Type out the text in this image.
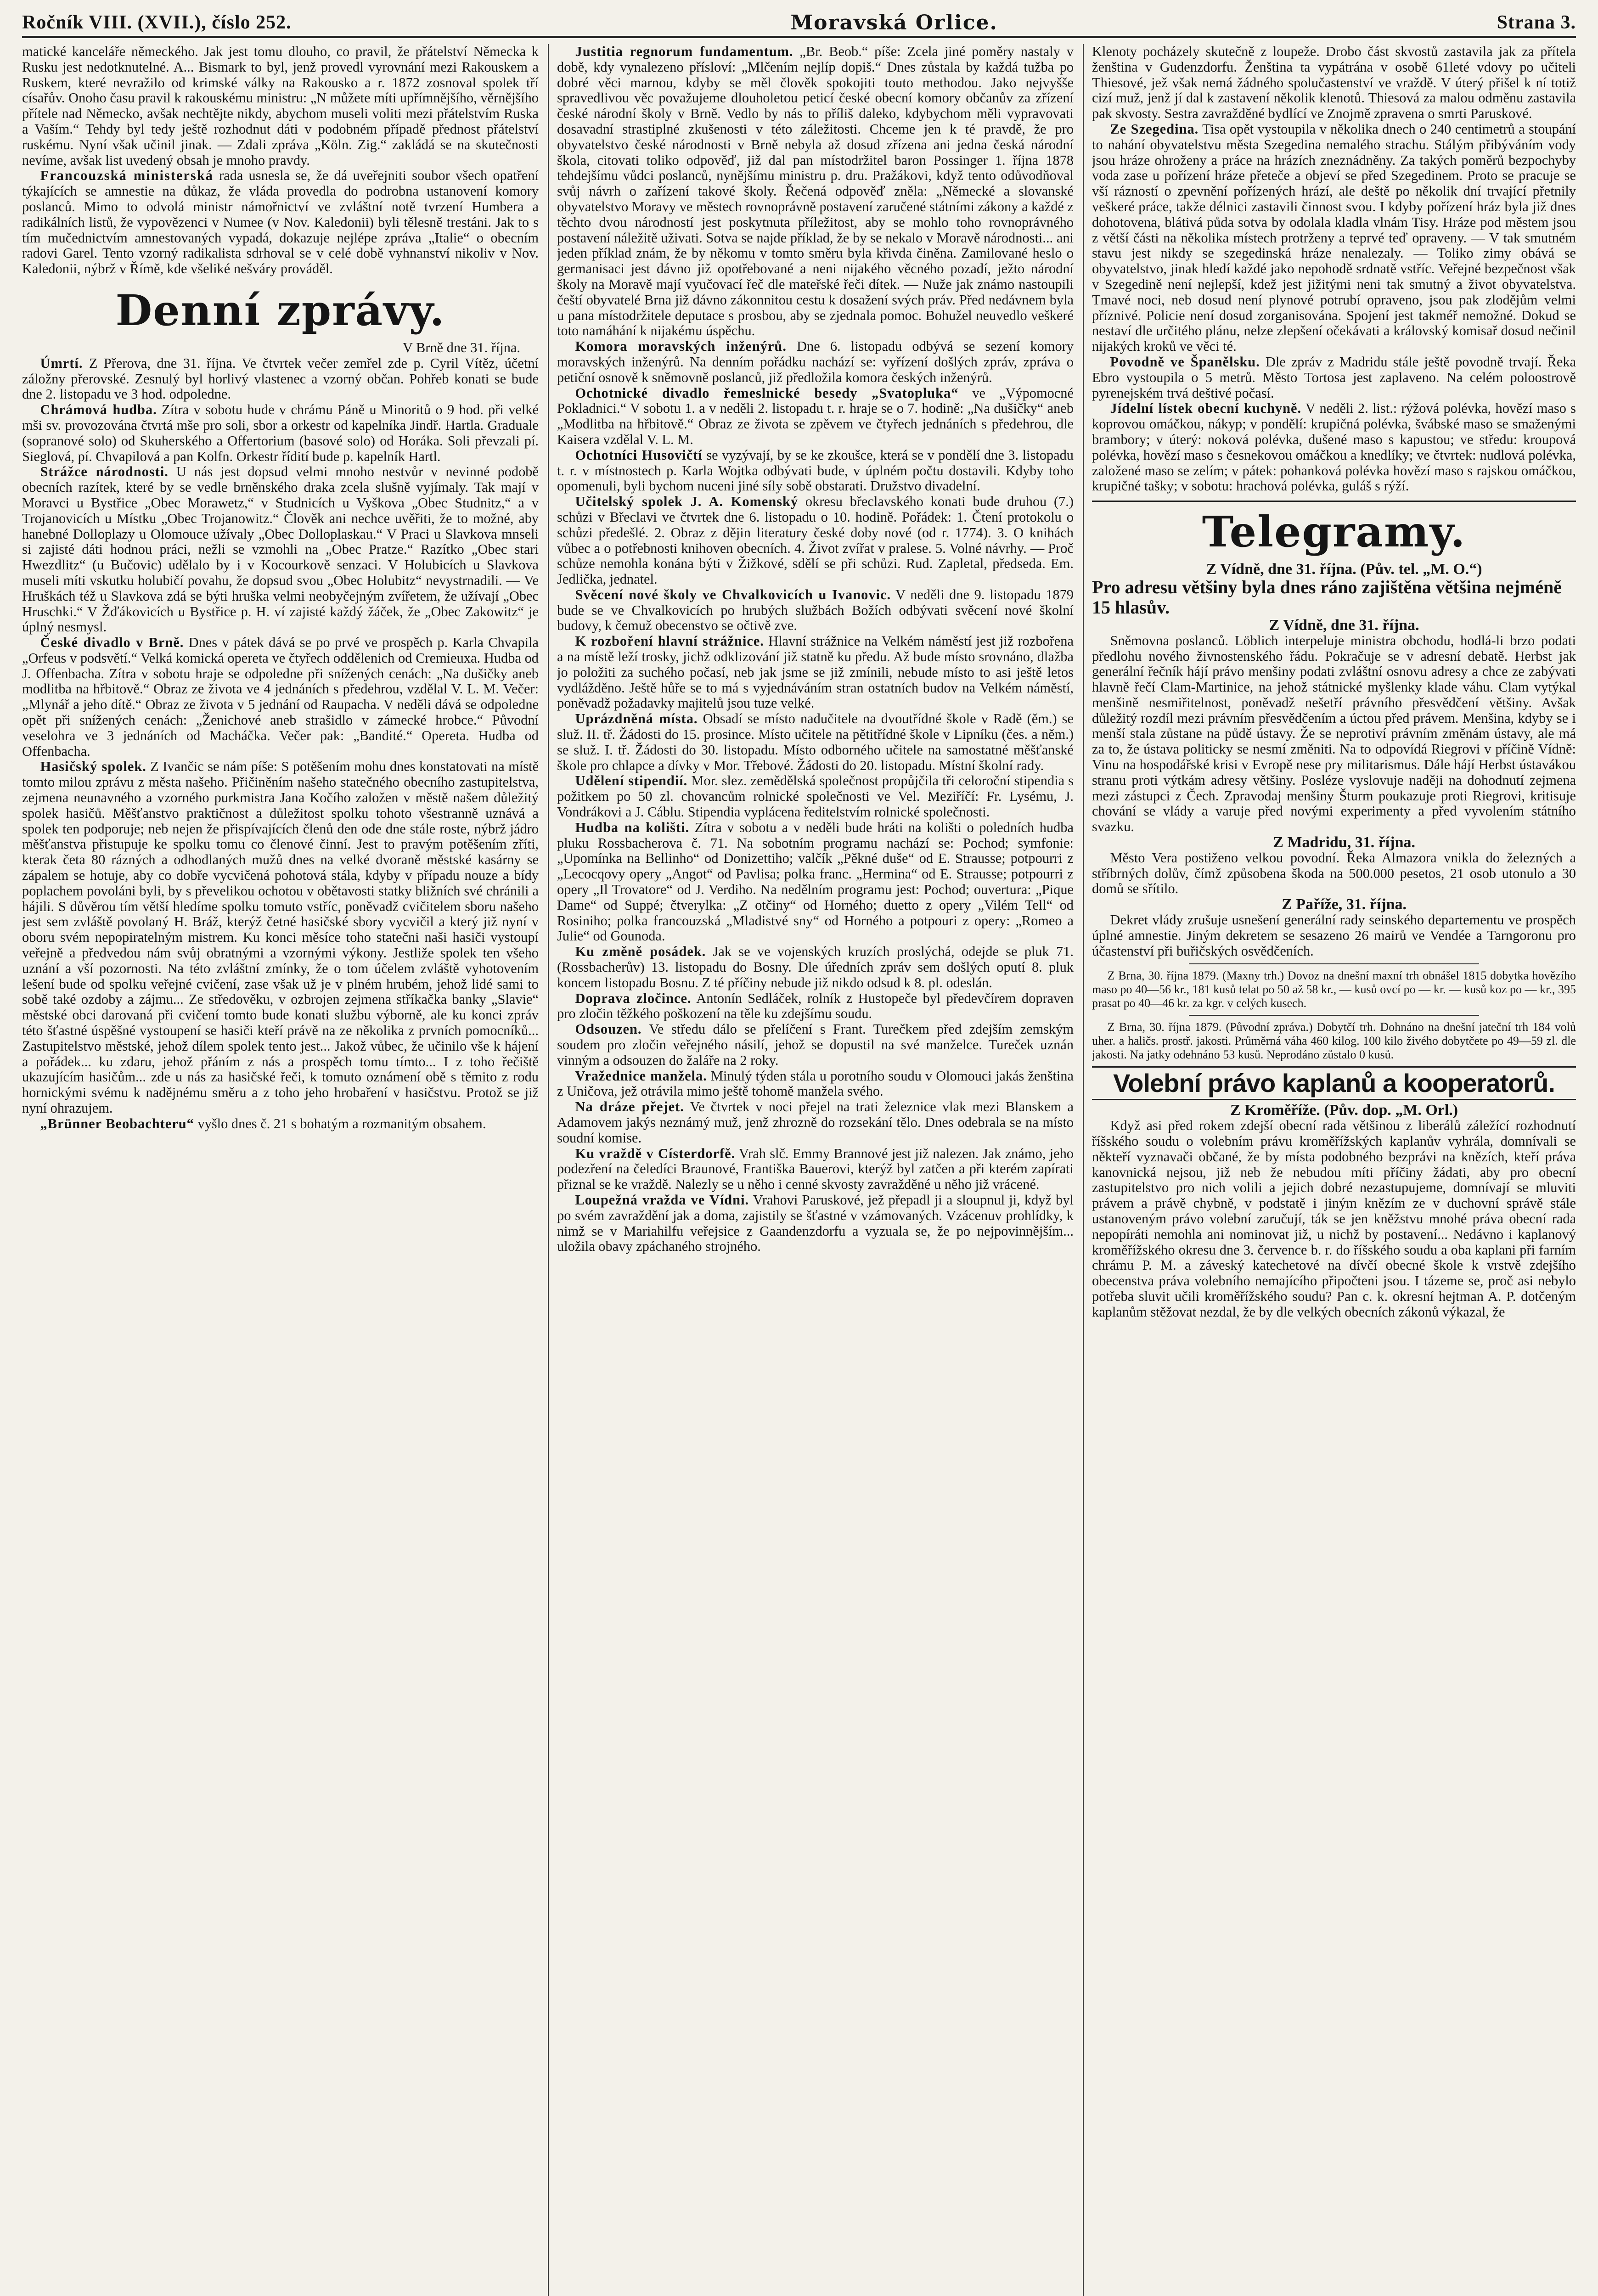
Ročník VIII. (XVII.), číslo 252.	Moravská Orlice.	Strana 3.

matické kanceláře německého. Jak jest tomu dlouho, co pravil, že přátelství Německa k Rusku jest nedotknutelné. A... Bismark to byl, jenž provedl vyrovnání mezi Rakouskem a Ruskem, které nevražilo od krimské války na Rakousko a r. 1872 zosnoval spolek tří císařův. Onoho času pravil k rakouskému ministru: „N můžete míti upřímnějšího, věrnějšího přítele nad Německo, avšak nechtějte nikdy, abychom museli voliti mezi přátelstvím Ruska a Vaším.“ Tehdy byl tedy ještě rozhodnut dáti v podobném případě přednost přátelství ruskému. Nyní však učinil jinak. — Zdali zpráva „Köln. Zig.“ zakládá se na skutečnosti nevíme, avšak list uvedený obsah je mnoho pravdy.

Francouzská ministerská rada usnesla se, že dá uveřejniti soubor všech opatření týkajících se amnestie na důkaz, že vláda provedla do podrobna ustanovení komory poslanců. Mimo to odvolá ministr námořnictví ve zvláštní notě tvrzení Humbera a radikálních listů, že vypovězenci v Numee (v Nov. Kaledonii) byli tělesně trestáni. Jak to s tím mučednictvím amnestovaných vypadá, dokazuje nejlépe zpráva „Italie“ o obecním radovi Garel. Tento vzorný radikalista sdrhoval se v celé době vyhnanství nikoliv v Nov. Kaledonii, nýbrž v Římě, kde všeliké nešváry prováděl.

Denní zprávy.

V Brně dne 31. října.

Úmrtí. Z Přerova, dne 31. října. Ve čtvrtek večer zemřel zde p. Cyril Vítěz, účetní záložny přerovské. Zesnulý byl horlivý vlastenec a vzorný občan. Pohřeb konati se bude dne 2. listopadu ve 3 hod. odpoledne.

Chrámová hudba. Zítra v sobotu hude v chrámu Páně u Minoritů o 9 hod. při velké mši sv. provozována čtvrtá mše pro soli, sbor a orkestr od kapelníka Jindř. Hartla. Graduale (sopranové solo) od Skuherského a Offertorium (basové solo) od Horáka. Soli převzali pí. Sieglová, pí. Chvapilová a pan Kolfn. Orkestr řídití bude p. kapelník Hartl.

Strážce národnosti. U nás jest dopsud velmi mnoho nestvůr v nevinné podobě obecních razítek, které by se vedle brněnského draka zcela slušně vyjímaly. Tak mají v Moravci u Bystřice „Obec Morawetz,“ v Studnicích u Vyškova „Obec Studnitz,“ a v Trojanovicích u Místku „Obec Trojanowitz.“ Člověk ani nechce uvěřiti, že to možné, aby hanebné Dolloplazy u Olomouce užívaly „Obec Dolloplaskau.“ V Praci u Slavkova mnseli si zajisté dáti hodnou práci, nežli se vzmohli na „Obec Pratze.“ Razítko „Obec stari Hwezdlitz“ (u Bučovic) udělalo by i v Kocourkově senzaci. V Holubicích u Slavkova museli míti vskutku holubičí povahu, že dopsud svou „Obec Holubitz“ nevystrnadili. — Ve Hruškách též u Slavkova zdá se býti hruška velmi neobyčejným zvířetem, že užívají „Obec Hruschki.“ V Žďákovicích u Bystřice p. H. ví zajisté každý žáček, že „Obec Zakowitz“ je úplný nesmysl.

České divadlo v Brně. Dnes v pátek dává se po prvé ve prospěch p. Karla Chvapila „Orfeus v podsvětí.“ Velká komická opereta ve čtyřech oddělenich od Cremieuxa. Hudba od J. Offenbacha. Zítra v sobotu hraje se odpoledne při snížených cenách: „Na dušičky aneb modlitba na hřbitově.“ Obraz ze života ve 4 jednáních s předehrou, vzdělal V. L. M. Večer: „Mlynář a jeho dítě.“ Obraz ze života v 5 jednání od Raupacha. V neděli dává se odpoledne opět při snížených cenách: „Ženichové aneb strašidlo v zámecké hrobce.“ Původní veselohra ve 3 jednáních od Macháčka. Večer pak: „Bandité.“ Opereta. Hudba od Offenbacha.

Hasičský spolek. Z Ivančic se nám píše: S potěšením mohu dnes konstatovati na místě tomto milou zprávu z města našeho. Přičiněním našeho statečného obecního zastupitelstva, zejmena neunavného a vzorného purkmistra Jana Kočího založen v městě našem důležitý spolek hasičů. Měšťanstvo praktičnost a důležitost spolku tohoto všestranně uznává a spolek ten podporuje; neb nejen že přispívajících členů den ode dne stále roste, nýbrž jádro měšťanstva přistupuje ke spolku tomu co členové činní. Jest to pravým potěšením zříti, kterak četa 80 rázných a odhodlaných mužů dnes na velké dvoraně městské kasárny se zápalem se hotuje, aby co dobře vycvičená pohotová stála, kdyby v případu nouze a bídy poplachem povoláni byli, by s převelikou ochotou v obětavosti statky bližních své chránili a hájili. S důvěrou tím větší hledíme spolku tomuto vstříc, poněvadž cvičitelem sboru našeho jest sem zvláště povolaný H. Bráž, kterýž četné hasičské sbory vycvičil a který již nyní v oboru svém nepopiratelným mistrem. Ku konci měsíce toho statečni naši hasiči vystoupí veřejně a předvedou nám svůj obratnými a vzornými výkony. Jestliže spolek ten všeho uznání a vší pozornosti. Na této zvláštní zmínky, že o tom účelem zvláště vyhotovením lešení bude od spolku veřejné cvičení, zase však už je v plném hrubém, jehož lidé sami to sobě také ozdoby a zájmu... Ze středověku, v ozbrojen zejmena stříkačka banky „Slavie“ městské obci darovaná při cvičení tomto bude konati službu výborně, ale ku konci zpráv této šťastné úspěšné vystoupení se hasiči kteří právě na ze několika z prvních pomocníků... Zastupitelstvo městské, jehož dílem spolek tento jest... Jakož vůbec, že učinilo vše k hájení a pořádek... ku zdaru, jehož přáním z nás a prospěch tomu tímto... I z toho řečiště ukazujícím hasičům... zde u nás za hasičské řeči, k tomuto oznámení obě s těmito z rodu hornickými svému k nadějnému směru a z toho jeho hrobaření v hasičstvu. Protož se již nyní ohrazujem.

„Brünner Beobachteru“ vyšlo dnes č. 21 s bohatým a rozmanitým obsahem.

Justitia regnorum fundamentum. „Br. Beob.“ píše: Zcela jiné poměry nastaly v době, kdy vynalezeno přísloví: „Mlčením nejlíp dopiš.“ Dnes zůstala by každá tužba po dobré věci marnou, kdyby se měl člověk spokojiti touto methodou. Jako nejvyšše spravedlivou věc považujeme dlouholetou peticí české obecní komory občanův za zřízení české národní školy v Brně. Vedlo by nás to příliš daleko, kdybychom měli vypravovati dosavadní strastiplné zkušenosti v této záležitosti. Chceme jen k té pravdě, že pro obyvatelstvo české národnosti v Brně nebyla až dosud zřízena ani jedna česká národní škola, citovati toliko odpověď, již dal pan místodržitel baron Possinger 1. října 1878 tehdejšímu vůdci poslanců, nynějšímu ministru p. dru. Pražákovi, když tento odůvodňoval svůj návrh o zařízení takové školy. Řečená odpověď zněla: „Německé a slovanské obyvatelstvo Moravy ve městech rovnoprávně postavení zaručené státními zákony a každé z těchto dvou národností jest poskytnuta příležitost, aby se mohlo toho rovnoprávného postavení náležitě uživati. Sotva se najde příklad, že by se nekalo v Moravě národnosti... ani jeden příklad znám, že by někomu v tomto směru byla křivda činěna. Zamilované heslo o germanisaci jest dávno již opotřebované a neni nijakého věcného pozadí, ježto národní školy na Moravě mají vyučovací řeč dle mateřské řeči dítek. — Nuže jak známo nastoupili čeští obyvatelé Brna již dávno zákonnitou cestu k dosažení svých práv. Před nedávnem byla u pana místodržitele deputace s prosbou, aby se zjednala pomoc. Bohužel neuvedlo veškeré toto namáhání k nijakému úspěchu.

Komora moravských inženýrů. Dne 6. listopadu odbývá se sezení komory moravských inženýrů. Na denním pořádku nachází se: vyřízení došlých zpráv, zpráva o petiční osnově k sněmovně poslanců, již předložila komora českých inženýrů.

Ochotnické divadlo řemeslnické besedy „Svatopluka“ ve „Výpomocné Pokladnici.“ V sobotu 1. a v neděli 2. listopadu t. r. hraje se o 7. hodině: „Na dušičky“ aneb „Modlitba na hřbitově.“ Obraz ze života se zpěvem ve čtyřech jednáních s předehrou, dle Kaisera vzdělal V. L. M.

Ochotníci Husovičtí se vyzývají, by se ke zkoušce, která se v pondělí dne 3. listopadu t. r. v místnostech p. Karla Wojtka odbývati bude, v úplném počtu dostavili. Kdyby toho opomenuli, byli bychom nuceni jiné síly sobě obstarati. Družstvo divadelní.

Učitelský spolek J. A. Komenský okresu břeclavského konati bude druhou (7.) schůzi v Břeclavi ve čtvrtek dne 6. listopadu o 10. hodině. Pořádek: 1. Čtení protokolu o schůzi předešlé. 2. Obraz z dějin literatury české doby nové (od r. 1774). 3. O knihách vůbec a o potřebnosti knihoven obecních. 4. Život zvířat v pralese. 5. Volné návrhy. — Proč schůze nemohla konána býti v Žižkové, sdělí se při schůzi. Rud. Zapletal, předseda. Em. Jedlička, jednatel.

Svěcení nové školy ve Chvalkovicích u Ivanovic. V neděli dne 9. listopadu 1879 bude se ve Chvalkovicích po hrubých službách Božích odbývati svěcení nové školní budovy, k čemuž obecenstvo se očtivě zve.

K rozboření hlavní strážnice. Hlavní strážnice na Velkém náměstí jest již rozbořena a na místě leží trosky, jichž odklizování již statně ku předu. Až bude místo srovnáno, dlažba jo položiti za suchého počasí, neb jak jsme se již zmínili, nebude místo to asi ještě letos vydlážděno. Ještě hůře se to má s vyjednáváním stran ostatních budov na Velkém náměstí, poněvadž požadavky majitelů jsou tuze velké.

Uprázdněná místa. Obsadí se místo nadučitele na dvoutřídné škole v Radě (ěm.) se služ. II. tř. Žádosti do 15. prosince. Místo učitele na pětitřídné škole v Lipníku (čes. a něm.) se služ. I. tř. Žádosti do 30. listopadu. Místo odborného učitele na samostatné měšťanské škole pro chlapce a dívky v Mor. Třebové. Žádosti do 20. listopadu. Místní školní rady.

Udělení stipendií. Mor. slez. zemědělská společnost propůjčila tři celoroční stipendia s požitkem po 50 zl. chovancům rolnické společnosti ve Vel. Meziříčí: Fr. Lysému, J. Vondrákovi a J. Cáblu. Stipendia vyplácena ředitelstvím rolnické společnosti.

Hudba na kolišti. Zítra v sobotu a v neděli bude hráti na kolišti o poledních hudba pluku Rossbacherova č. 71. Na sobotním programu nachází se: Pochod; symfonie: „Upomínka na Bellinho“ od Donizettiho; valčík „Pěkné duše“ od E. Strausse; potpourri z „Lecocqovy opery „Angot“ od Pavlisa; polka franc. „Hermina“ od E. Strausse; potpourri z opery „Il Trovatore“ od J. Verdiho. Na nedělním programu jest: Pochod; ouvertura: „Pique Dame“ od Suppé; čtverylka: „Z otčiny“ od Horného; duetto z opery „Vilém Tell“ od Rosiniho; polka francouzská „Mladistvé sny“ od Horného a potpouri z opery: „Romeo a Julie“ od Gounoda.

Ku změně posádek. Jak se ve vojenských kruzích proslýchá, odejde se pluk 71. (Rossbacherův) 13. listopadu do Bosny. Dle úředních zpráv sem došlých oputí 8. pluk koncem listopadu Bosnu. Z té příčiny nebude již nikdo odsud k 8. pl. odeslán.

Doprava zločince. Antonín Sedláček, rolník z Hustopeče byl předevčírem dopraven pro zločin těžkého poškození na těle ku zdejšímu soudu.

Odsouzen. Ve středu dálo se přelíčení s Frant. Turečkem před zdejším zemským soudem pro zločin veřejného násilí, jehož se dopustil na své manželce. Tureček uznán vinným a odsouzen do žaláře na 2 roky.

Vražednice manžela. Minulý týden stála u porotního soudu v Olomouci jakás ženština z Uničova, jež otrávila mimo ještě tohomě manžela svého.

Na dráze přejet. Ve čtvrtek v noci přejel na trati železnice vlak mezi Blanskem a Adamovem jakýs neznámý muž, jenž zhrozně do rozsekání tělo. Dnes odebrala se na místo soudní komise.

Ku vraždě v Císterdorfě. Vrah slč. Emmy Brannové jest již nalezen. Jak známo, jeho podezření na čeledíci Braunové, Františka Bauerovi, kterýž byl zatčen a při kterém zapírati přiznal se ke vraždě. Nalezly se u něho i cenné skvosty zavražděné u něho již vrácené.

Loupežná vražda ve Vídni. Vrahovi Paruskové, jež přepadl ji a sloupnul ji, když byl po svém zavraždění jak a doma, zajistily se šťastné v vzámovaných. Vzácenuv prohlídky, k nimž se v Mariahilfu veřejsice z Gaandenzdorfu a vyzuala se, že po nejpovinnějším... uložila obavy zpáchaného strojného.

Klenoty pocházely skutečně z loupeže. Drobo část skvostů zastavila jak za přítela ženština v Gudenzdorfu. Ženština ta vypátrána v osobě 61leté vdovy po učiteli Thiesové, jež však nemá žádného spolučastenství ve vraždě. V úterý přišel k ní totiž cizí muž, jenž jí dal k zastavení několik klenotů. Thiesová za malou odměnu zastavila pak skvosty. Sestra zavražděné bydlící ve Znojmě zpravena o smrti Paruskové.

Ze Szegedina. Tisa opět vystoupila v několika dnech o 240 centimetrů a stoupání to nahání obyvatelstvu města Szegedina nemalého strachu. Stálým přibýváním vody jsou hráze ohroženy a práce na hrázích zneznádněny. Za takých poměrů bezpochyby voda zase u pořízení hráze přeteče a objeví se před Szegedinem. Proto se pracuje se vší rázností o zpevnění pořízených hrází, ale deště po několik dní trvající přetnily veškeré práce, takže délnici zastavili činnost svou. I kdyby pořízení hráz byla již dnes dohotovena, blátivá půda sotva by odolala kladla vlnám Tisy. Hráze pod městem jsou z větší části na několika místech protrženy a teprvé teď opraveny. — V tak smutném stavu jest nikdy se szegedinská hráze nenalezaly. — Toliko zimy obává se obyvatelstvo, jinak hledí každé jako nepohodě srdnatě vstříc. Veřejné bezpečnost však v Szegedině není nejlepší, kdež jest jižitými neni tak smutný a život obyvatelstva. Tmavé noci, neb dosud není plynové potrubí opraveno, jsou pak zlodějům velmi příznivé. Policie není dosud zorganisována. Spojení jest takméř nemožné. Dokud se nestaví dle určitého plánu, nelze zlepšení očekávati a královský komisař dosud nečinil nijakých kroků ve věci té.

Povodně ve Španělsku. Dle zpráv z Madridu stále ještě povodně trvají. Řeka Ebro vystoupila o 5 metrů. Město Tortosa jest zaplaveno. Na celém poloostrově pyrenejském trvá deštivé počasí.

Jídelní lístek obecní kuchyně. V neděli 2. list.: rýžová polévka, hovězí maso s koprovou omáčkou, nákyp; v pondělí: krupičná polévka, švábské maso se smaženými brambory; v úterý: noková polévka, dušené maso s kapustou; ve středu: kroupová polévka, hovězí maso s česnekovou omáčkou a knedlíky; ve čtvrtek: nudlová polévka, založené maso se zelím; v pátek: pohanková polévka hovězí maso s rajskou omáčkou, krupičné tašky; v sobotu: hrachová polévka, guláš s rýží.

Telegramy.

Z Vídně, dne 31. října. (Pův. tel. „M. O.“)

Pro adresu většiny byla dnes ráno zajištěna většina nejméně 15 hlasův.

Z Vídně, dne 31. října.

Sněmovna poslanců. Löblich interpeluje ministra obchodu, hodlá-li brzo podati předlohu nového živnostenského řádu. Pokračuje se v adresní debatě. Herbst jak generální řečník hájí právo menšiny podati zvláštní osnovu adresy a chce ze zabývati hlavně řečí Clam-Martinice, na jehož státnické myšlenky klade váhu. Clam vytýkal menšině nesmiřitelnost, poněvadž nešetří právního přesvědčení většiny. Avšak důležitý rozdíl mezi právním přesvědčením a úctou před právem. Menšina, kdyby se i menší stala zůstane na půdě ústavy. Že se neprotiví právním změnám ústavy, ale má za to, že ústava politicky se nesmí změniti. Na to odpovídá Riegrovi v příčině Vídně: Vinu na hospodářské krisi v Evropě nese pry militarismus. Dále hájí Herbst ústavákou stranu proti výtkám adresy většiny. Posléze vyslovuje naději na dohodnutí zejmena mezi zástupci z Čech. Zpravodaj menšiny Šturm poukazuje proti Riegrovi, kritisuje chování se vlády a varuje před novými experimenty a před vyvolením státního svazku.

Z Madridu, 31. října.

Město Vera postiženo velkou povodní. Řeka Almazora vnikla do železných a stříbrných dolův, čímž způsobena škoda na 500.000 pesetos, 21 osob utonulo a 30 domů se sřítilo.

Z Paříže, 31. října.

Dekret vlády zrušuje usnešení generální rady seinského departementu ve prospěch úplné amnestie. Jiným dekretem se sesazeno 26 mairů ve Vendée a Tarngoronu pro účastenství při buřičských osvědčeních.

Z Brna, 30. října 1879. (Maxny trh.) Dovoz na dnešní maxní trh obnášel 1815 dobytka hovězího maso po 40—56 kr., 181 kusů telat po 50 až 58 kr., — kusů ovcí po — kr. — kusů koz po — kr., 395 prasat po 40—46 kr. za kgr. v celých kusech.

Z Brna, 30. října 1879. (Původní zpráva.) Dobytčí trh. Dohnáno na dnešní jateční trh 184 volů uher. a haličs. prostř. jakosti. Průměrná váha 460 kilog. 100 kilo živého dobytčete po 49—59 zl. dle jakosti. Na jatky odehnáno 53 kusů. Neprodáno zůstalo 0 kusů.

Volební právo kaplanů a kooperatorů.

Z Kroměříže. (Pův. dop. „M. Orl.)

Když asi před rokem zdejší obecní rada většinou z liberálů záležící rozhodnutí říšského soudu o volebním právu kroměřížských kaplanův vyhrála, domnívali se někteří vyznavači občané, že by místa podobného bezprávi na knězích, kteří práva kanovnická nejsou, již neb že nebudou míti příčiny žádati, aby pro obecní zastupitelstvo pro nich volili a jejich dobré nezastupujeme, domnívají se mluviti právem a právě chybně, v podstatě i jiným knězím ze v duchovní správě stále ustanoveným právo volební zaručují, ták se jen kněžstvu mnohé práva obecní rada nepopíráti nemohla ani nominovat již, u nichž by postavení... Nedávno i kaplanový kroměřížského okresu dne 3. července b. r. do říšského soudu a oba kaplani při farním chrámu P. M. a záveský katechetové na dívčí obecné škole k vrstvě zdejšího obecenstva práva volebního nemajícího připočteni jsou. I tázeme se, proč asi nebylo potřeba sluvit učili kroměřížského soudu? Pan c. k. okresní hejtman A. P. dotčeným kaplanům stěžovat nezdal, že by dle velkých obecních zákonů výkazal, že
